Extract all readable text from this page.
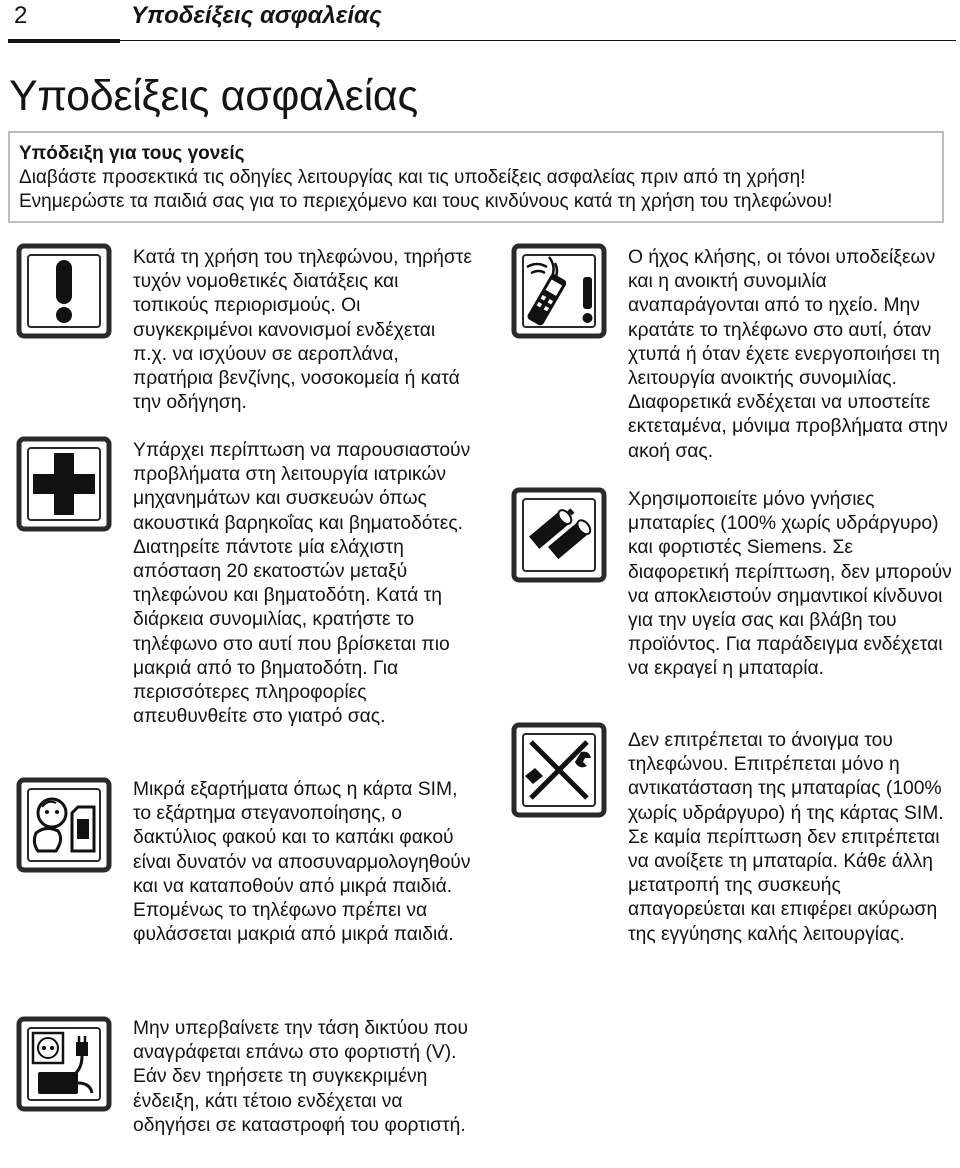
2	Υποδείξεις ασφαλείας
Υποδείξεις ασφαλείας
Υπόδειξη για τους γονείς
Διαβάστε προσεκτικά τις οδηγίες λειτουργίας και τις υποδείξεις ασφαλείας πριν από τη χρήση!
Ενημερώστε τα παιδιά σας για το περιεχόμενο και τους κινδύνους κατά τη χρήση του τηλεφώνου!

Κατά τη χρήση του τηλεφώνου, τηρήστε τυχόν νομοθετικές διατάξεις και τοπικούς περιορισμούς. Οι συγκεκριμένοι κανονισμοί ενδέχεται π.χ. να ισχύουν σε αεροπλάνα, πρατήρια βενζίνης, νοσοκομεία ή κατά την οδήγηση.

Υπάρχει περίπτωση να παρουσιαστούν προβλήματα στη λειτουργία ιατρικών μηχανημάτων και συσκευών όπως ακουστικά βαρηκοΐας και βηματοδότες. Διατηρείτε πάντοτε μία ελάχιστη απόσταση 20 εκατοστών μεταξύ τηλεφώνου και βηματοδότη. Κατά τη διάρκεια συνομιλίας, κρατήστε το τηλέφωνο στο αυτί που βρίσκεται πιο μακριά από το βηματοδότη. Για περισσότερες πληροφορίες απευθυνθείτε στο γιατρό σας.

Μικρά εξαρτήματα όπως η κάρτα SIM, το εξάρτημα στεγανοποίησης, ο δακτύλιος φακού και το καπάκι φακού είναι δυνατόν να αποσυναρμολογηθούν και να καταποθούν από μικρά παιδιά. Επομένως το τηλέφωνο πρέπει να φυλάσσεται μακριά από μικρά παιδιά.

Μην υπερβαίνετε την τάση δικτύου που αναγράφεται επάνω στο φορτιστή (V). Εάν δεν τηρήσετε τη συγκεκριμένη ένδειξη, κάτι τέτοιο ενδέχεται να οδηγήσει σε καταστροφή του φορτιστή.

Ο ήχος κλήσης, οι τόνοι υποδείξεων και η ανοικτή συνομιλία αναπαράγονται από το ηχείο. Μην κρατάτε το τηλέφωνο στο αυτί, όταν χτυπά ή όταν έχετε ενεργοποιήσει τη λειτουργία ανοικτής συνομιλίας. Διαφορετικά ενδέχεται να υποστείτε εκτεταμένα, μόνιμα προβλήματα στην ακοή σας.

Χρησιμοποιείτε μόνο γνήσιες μπαταρίες (100% χωρίς υδράργυρο) και φορτιστές Siemens. Σε διαφορετική περίπτωση, δεν μπορούν να αποκλειστούν σημαντικοί κίνδυνοι για την υγεία σας και βλάβη του προϊόντος. Για παράδειγμα ενδέχεται να εκραγεί η μπαταρία.

Δεν επιτρέπεται το άνοιγμα του τηλεφώνου. Επιτρέπεται μόνο η αντικατάσταση της μπαταρίας (100% χωρίς υδράργυρο) ή της κάρτας SIM. Σε καμία περίπτωση δεν επιτρέπεται να ανοίξετε τη μπαταρία. Κάθε άλλη μετατροπή της συσκευής απαγορεύεται και επιφέρει ακύρωση της εγγύησης καλής λειτουργίας.
